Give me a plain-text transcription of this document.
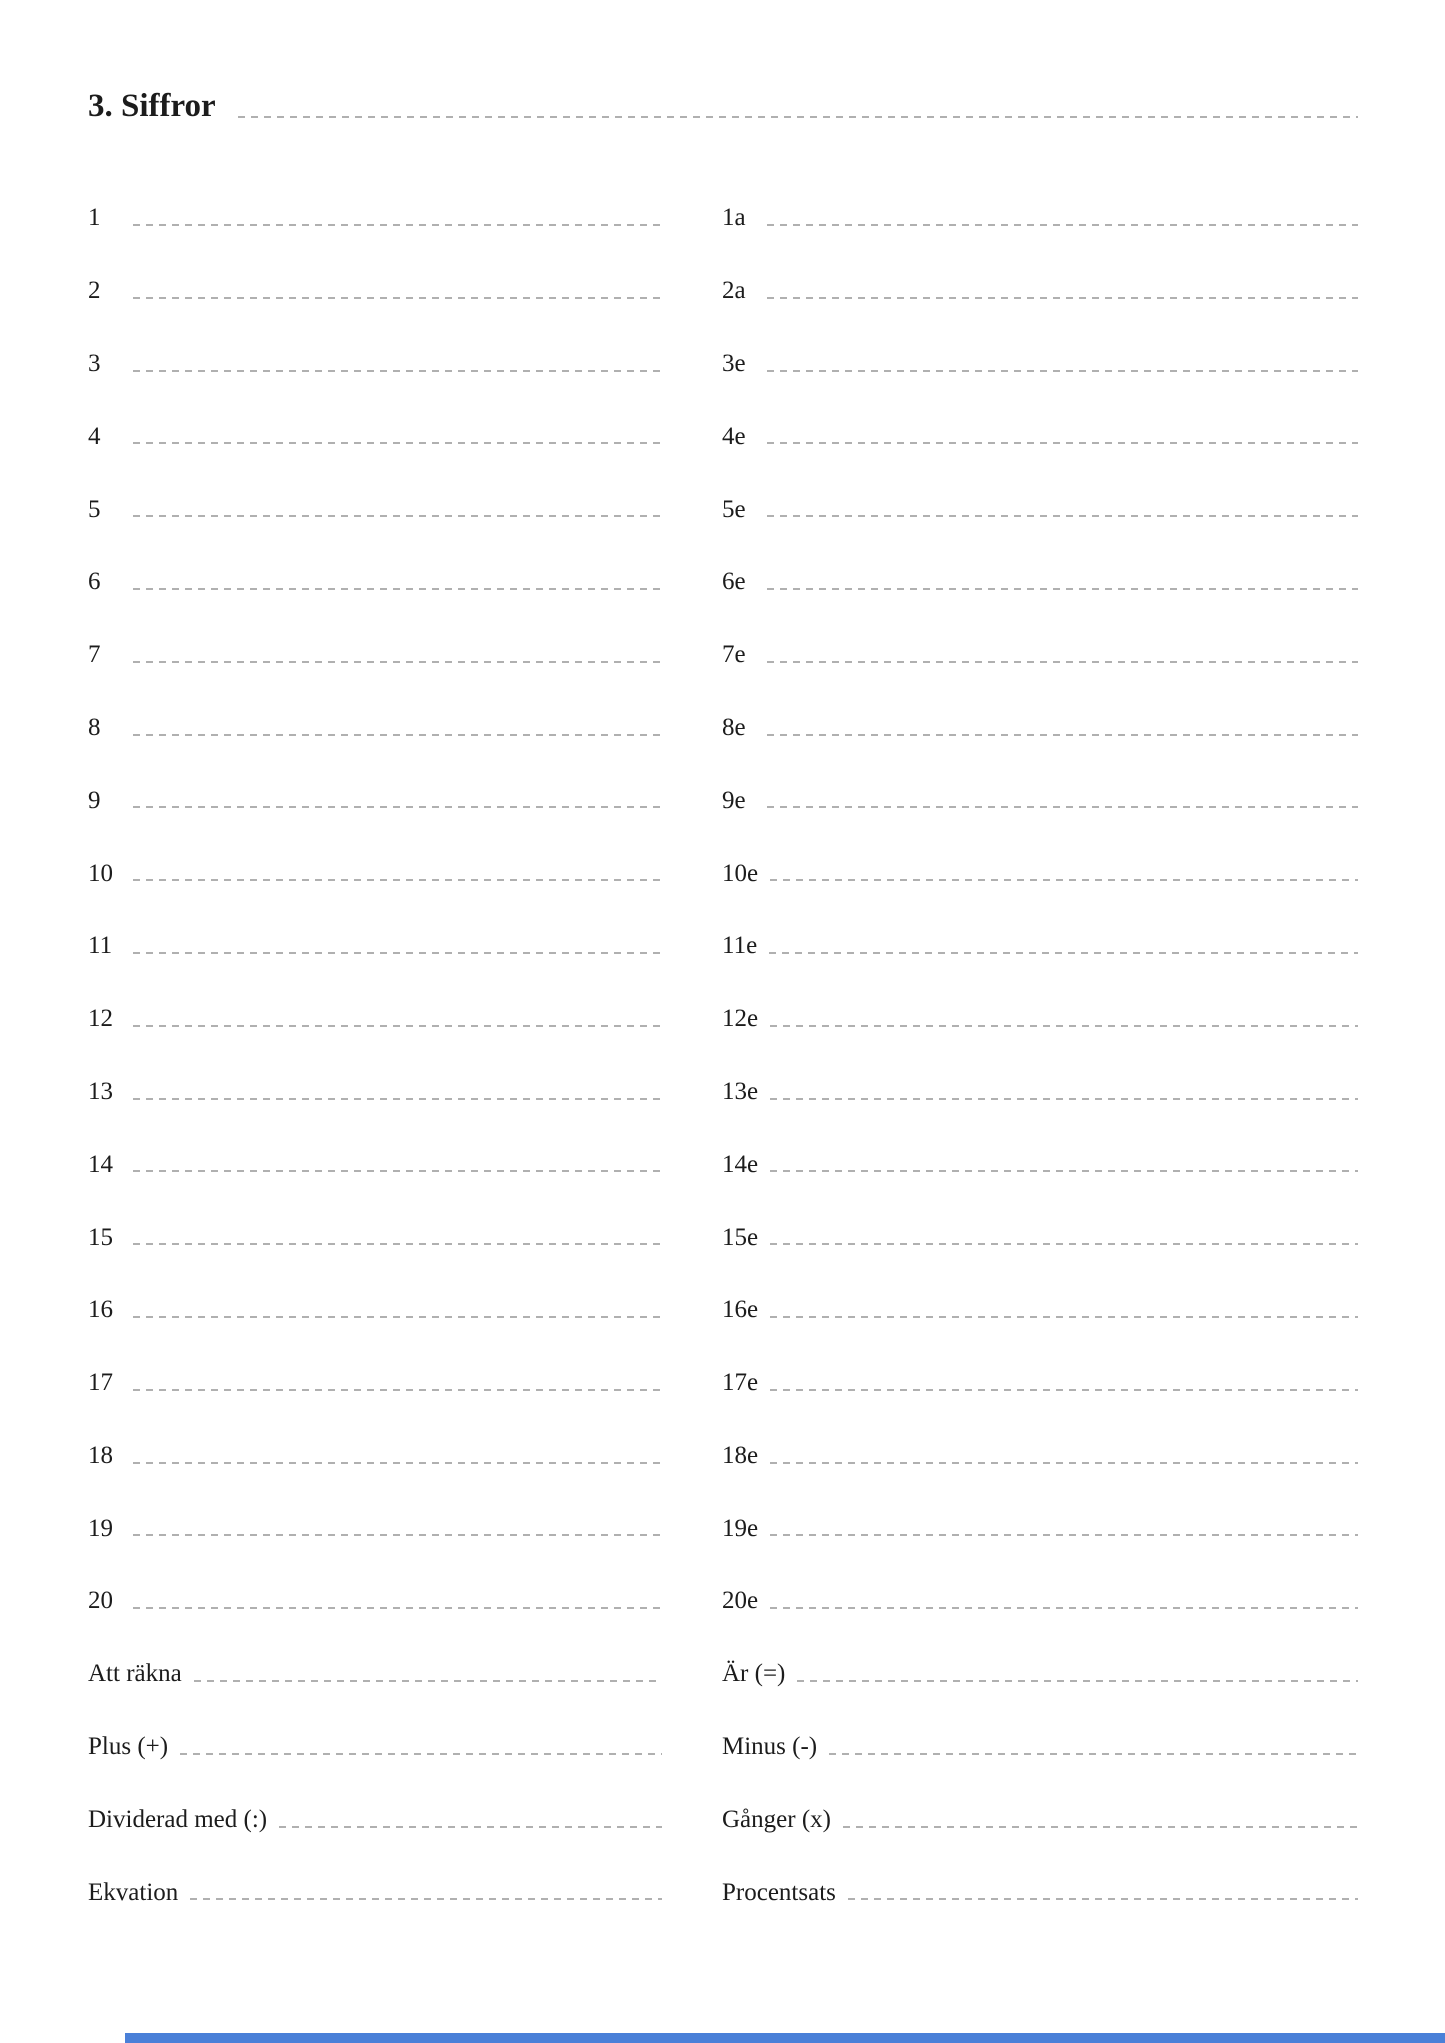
3. Siffror
1
2
3
4
5
6
7
8
9
10
11
12
13
14
15
16
17
18
19
20
Att räkna
Plus (+)
Dividerad med (:)
Ekvation
1a
2a
3e
4e
5e
6e
7e
8e
9e
10e
11e
12e
13e
14e
15e
16e
17e
18e
19e
20e
Är (=)
Minus (-)
Gånger (x)
Procentsats
